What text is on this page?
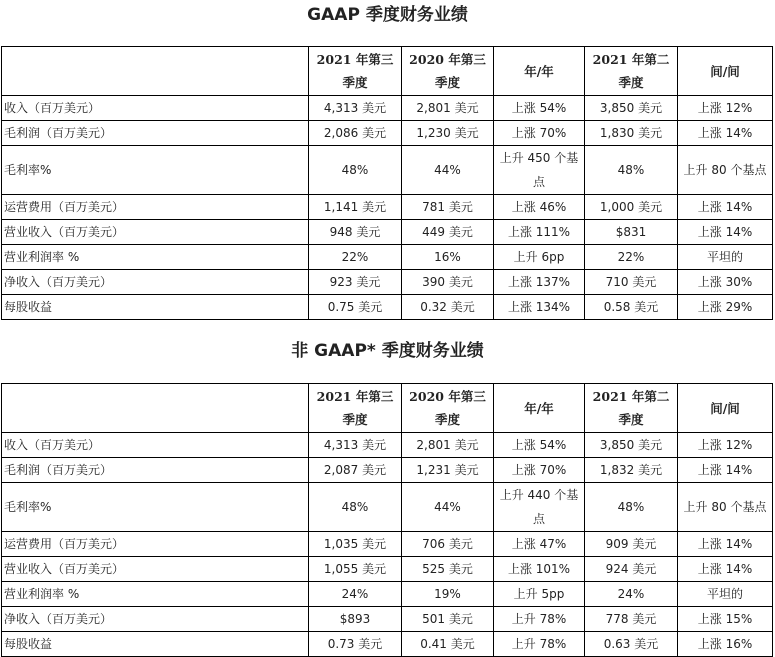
GAAP 季度财务业绩
	2021 年第三季度	2020 年第三季度	年/年	2021 年第二季度	间/间
收入（百万美元）	4,313 美元	2,801 美元	上涨 54%	3,850 美元	上涨 12%
毛利润（百万美元）	2,086 美元	1,230 美元	上涨 70%	1,830 美元	上涨 14%
毛利率%	48%	44%	上升 450 个基点	48%	上升 80 个基点
运营费用（百万美元）	1,141 美元	781 美元	上涨 46%	1,000 美元	上涨 14%
营业收入（百万美元）	948 美元	449 美元	上涨 111%	$831	上涨 14%
营业利润率 %	22%	16%	上升 6pp	22%	平坦的
净收入（百万美元）	923 美元	390 美元	上涨 137%	710 美元	上涨 30%
每股收益	0.75 美元	0.32 美元	上涨 134%	0.58 美元	上涨 29%
非 GAAP* 季度财务业绩
	2021 年第三季度	2020 年第三季度	年/年	2021 年第二季度	间/间
收入（百万美元）	4,313 美元	2,801 美元	上涨 54%	3,850 美元	上涨 12%
毛利润（百万美元）	2,087 美元	1,231 美元	上涨 70%	1,832 美元	上涨 14%
毛利率%	48%	44%	上升 440 个基点	48%	上升 80 个基点
运营费用（百万美元）	1,035 美元	706 美元	上涨 47%	909 美元	上涨 14%
营业收入（百万美元）	1,055 美元	525 美元	上涨 101%	924 美元	上涨 14%
营业利润率 %	24%	19%	上升 5pp	24%	平坦的
净收入（百万美元）	$893	501 美元	上升 78%	778 美元	上涨 15%
每股收益	0.73 美元	0.41 美元	上升 78%	0.63 美元	上涨 16%
